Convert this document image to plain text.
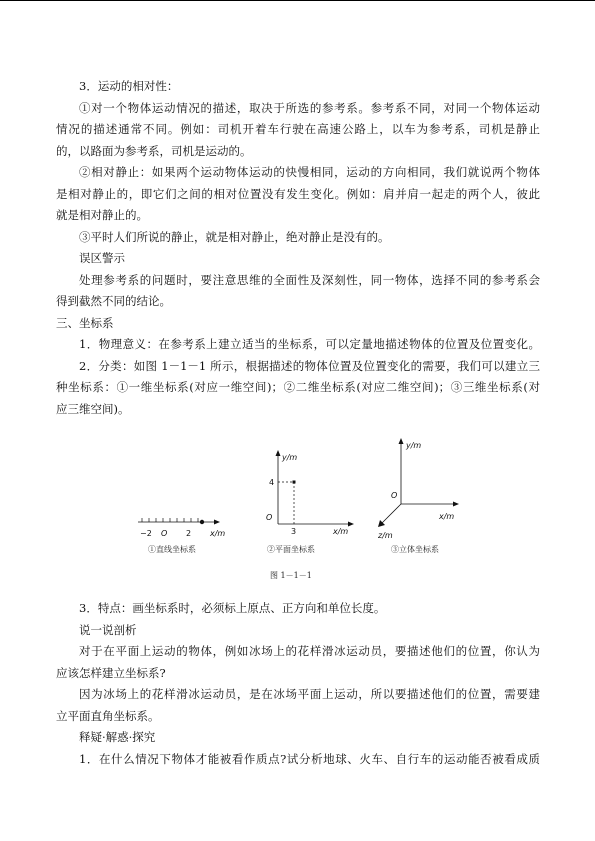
3．运动的相对性：
①对一个物体运动情况的描述，取决于所选的参考系。参考系不同，对同一个物体运动
情况的描述通常不同。例如：司机开着车行驶在高速公路上，以车为参考系，司机是静止
的，以路面为参考系，司机是运动的。
②相对静止：如果两个运动物体运动的快慢相同，运动的方向相同，我们就说两个物体
是相对静止的，即它们之间的相对位置没有发生变化。例如：肩并肩一起走的两个人，彼此
就是相对静止的。
③平时人们所说的静止，就是相对静止，绝对静止是没有的。
误区警示
处理参考系的问题时，要注意思维的全面性及深刻性，同一物体，选择不同的参考系会
得到截然不同的结论。
三、坐标系
1．物理意义：在参考系上建立适当的坐标系，可以定量地描述物体的位置及位置变化。
2．分类：如图 1－1－1 所示，根据描述的物体位置及位置变化的需要，我们可以建立三
种坐标系：①一维坐标系(对应一维空间)；②二维坐标系(对应二维空间)；③三维坐标系(对
应三维空间)。
−2 O 2 x/m
①直线坐标系
y/m
4
O
3	x/m
②平面坐标系
y/m
O
x/m
z/m
③立体坐标系
图 1－1－1
3．特点：画坐标系时，必须标上原点、正方向和单位长度。
说一说剖析
对于在平面上运动的物体，例如冰场上的花样滑冰运动员，要描述他们的位置，你认为
应该怎样建立坐标系?
因为冰场上的花样滑冰运动员，是在冰场平面上运动，所以要描述他们的位置，需要建
立平面直角坐标系。
释疑·解惑·探究
1．在什么情况下物体才能被看作质点?试分析地球、火车、自行车的运动能否被看成质
